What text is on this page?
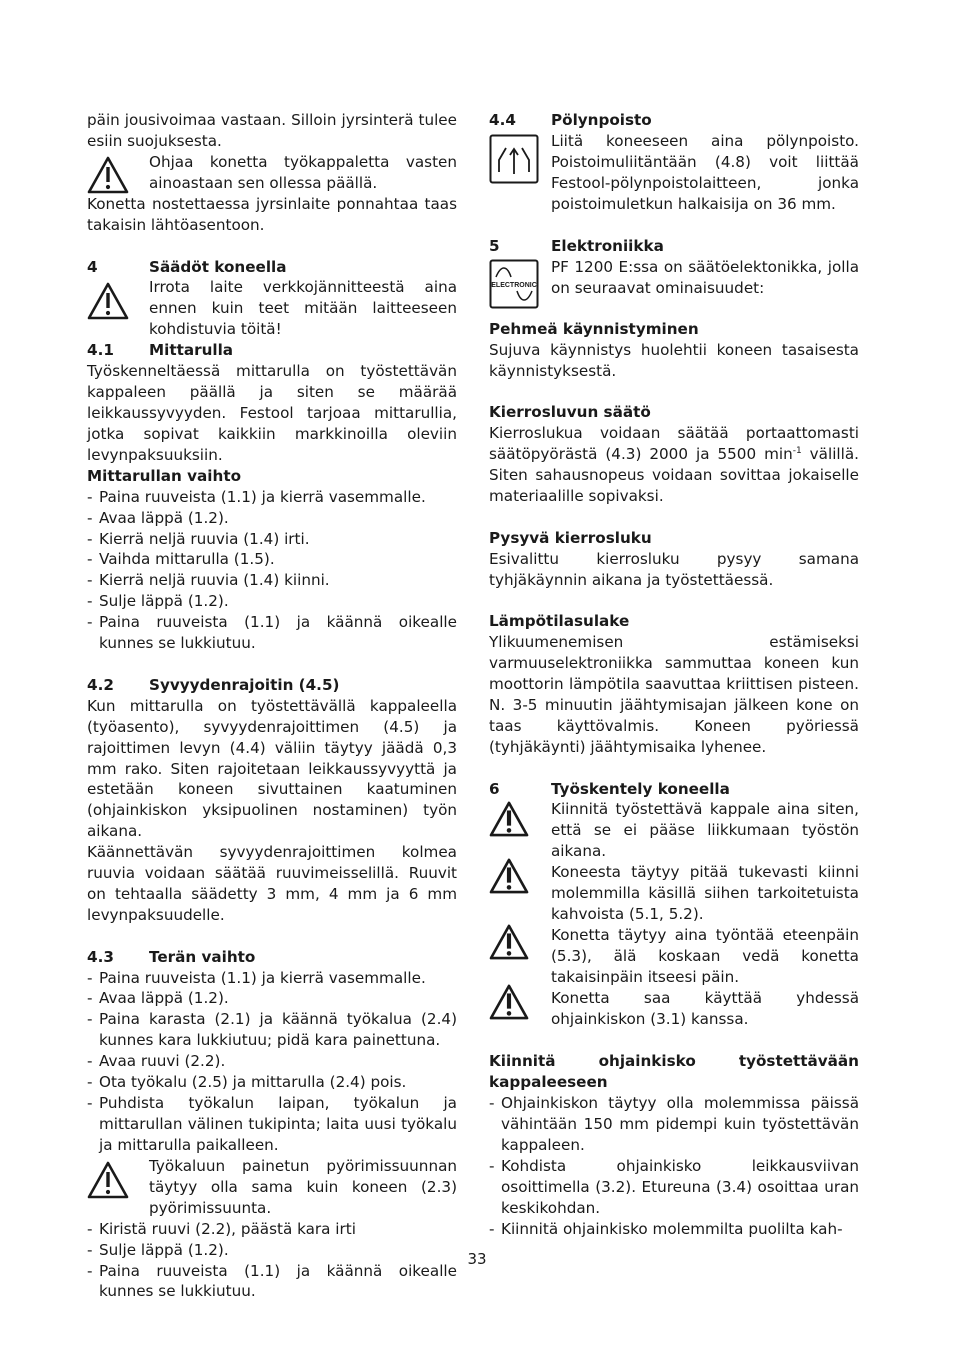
päin jousivoimaa vastaan. Silloin jyrsinterä tulee esiin suojuksesta.

Ohjaa konetta työkappaletta vasten ainoastaan sen ollessa päällä.

Konetta nostettaessa jyrsinlaite ponnahtaa taas takaisin lähtöasentoon.

4	Säädöt koneella
Irrota laite verkkojännitteestä aina ennen kuin teet mitään laitteeseen kohdistuvia töitä!
4.1	Mittarulla

Työskenneltäessä mittarulla on työstettävän kappaleen päällä ja siten se määrää leikkaussyvyyden. Festool tarjoaa mittarullia, jotka sopivat kaikkiin markkinoilla oleviin levynpaksuuksiin.

Mittarullan vaihto

- Paina ruuveista (1.1) ja kierrä vasemmalle.
- Avaa läppä (1.2).
- Kierrä neljä ruuvia (1.4) irti.
- Vaihda mittarulla (1.5).
- Kierrä neljä ruuvia (1.4) kiinni.
- Sulje läppä (1.2).
- Paina ruuveista (1.1) ja käännä oikealle kunnes se lukkiutuu.
4.2	Syvyydenrajoitin (4.5)

Kun mittarulla on työstettävällä kappaleella (työasento), syvyydenrajoittimen (4.5) ja rajoittimen levyn (4.4) väliin täytyy jäädä 0,3 mm rako. Siten rajoitetaan leikkaussyvyyttä ja estetään koneen sivuttainen kaatuminen (ohjainkiskon yksipuolinen nostaminen) työn aikana.

Käännettävän syvyydenrajoittimen kolmea ruuvia voidaan säätää ruuvimeisselillä. Ruuvit on tehtaalla säädetty 3 mm, 4 mm ja 6 mm levynpaksuudelle.

4.3	Terän vaihto
- Paina ruuveista (1.1) ja kierrä vasemmalle.
- Avaa läppä (1.2).
- Paina karasta (2.1) ja käännä työkalua (2.4) kunnes kara lukkiutuu; pidä kara painettuna.
- Avaa ruuvi (2.2).
- Ota työkalu (2.5) ja mittarulla (2.4) pois.
- Puhdista työkalun laipan, työkalun ja mittarullan välinen tukipinta; laita uusi työkalu ja mittarulla paikalleen.
Työkaluun painetun pyörimissuunnan täytyy olla sama kuin koneen (2.3) pyörimissuunta.
- Kiristä ruuvi (2.2), päästä kara irti
- Sulje läppä (1.2).
- Paina ruuveista (1.1) ja käännä oikealle kunnes se lukkiutuu.
4.4	Pölynpoisto
Liitä koneeseen aina pölynpoisto. Poistoimuliitäntään (4.8) voit liittää Festool-pölynpoistolaitteen, jonka poistoimuletkun halkaisija on 36 mm.
5	Elektroniikka
ELECTRONIC
PF 1200 E:ssa on säätöelektonikka, jolla on seuraavat ominaisuudet:

Pehmeä käynnistyminen

Sujuva käynnistys huolehtii koneen tasaisesta käynnistyksestä.

Kierrosluvun säätö

Kierroslukua voidaan säätää portaattomasti säätöpyörästä (4.3) 2000 ja 5500 $\min^{-1}$ välillä. Siten sahausnopeus voidaan sovittaa jokaiselle materiaalille sopivaksi.

Pysyvä kierrosluku

Esivalittu kierrosluku pysyy samana tyhjäkäynnin aikana ja työstettäessä.

Lämpötilasulake

Ylikuumenemisen estämiseksi varmuuselektroniikka sammuttaa koneen kun moottorin lämpötila saavuttaa kriittisen pisteen. N. 3-5 minuutin jäähtymisajan jälkeen kone on taas käyttövalmis. Koneen pyöriessä (tyhjäkäynti) jäähtymisaika lyhenee.

6	Työskentely koneella
Kiinnitä työstettävä kappale aina siten, että se ei pääse liikkumaan työstön aikana.
Koneesta täytyy pitää tukevasti kiinni molemmilla käsillä siihen tarkoitetuista kahvoista (5.1, 5.2).
Konetta täytyy aina työntää eteenpäin (5.3), älä koskaan vedä konetta takaisinpäin itseesi päin.
Konetta saa käyttää yhdessä ohjainkiskon (3.1) kanssa.

Kiinnitä ohjainkisko työstettävään kappaleeseen

- Ohjainkiskon täytyy olla molemmissa päissä vähintään 150 mm pidempi kuin työstettävän kappaleen.
- Kohdista ohjainkisko leikkausviivan osoittimella (3.2). Etureuna (3.4) osoittaa uran keskikohdan.
- Kiinnitä ohjainkisko molemmilta puolilta kah-
33
